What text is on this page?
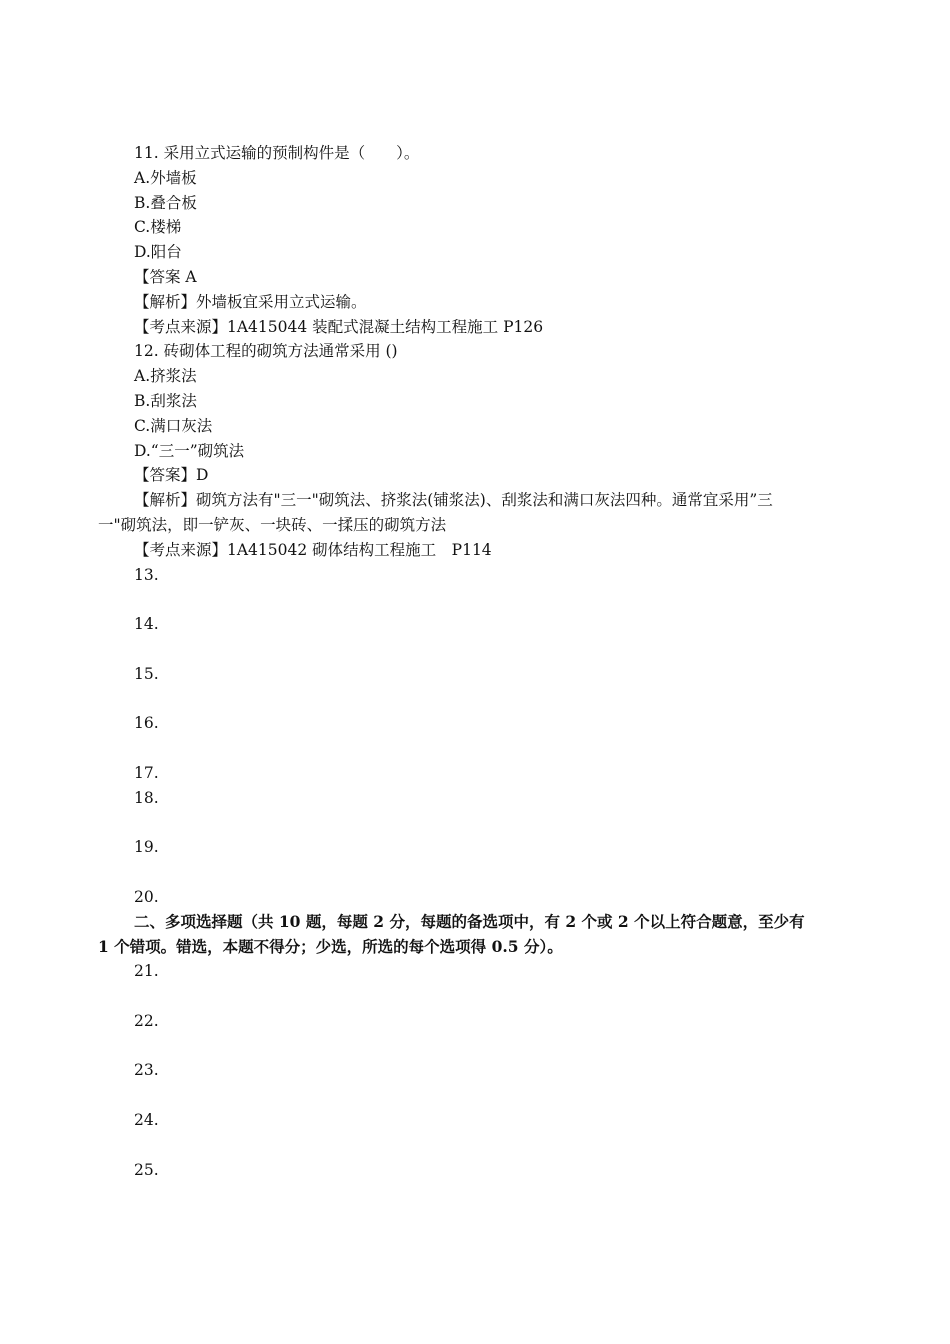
11. 采用立式运输的预制构件是（　　）。
A.外墙板
B.叠合板
C.楼梯
D.阳台
【答案 A
【解析】外墙板宜采用立式运输。
【考点来源】1A415044 装配式混凝土结构工程施工 P126
12. 砖砌体工程的砌筑方法通常采用 ()
A.挤浆法
B.刮浆法
C.满口灰法
D.“三一”砌筑法
【答案】D
【解析】砌筑方法有"三一"砌筑法、挤浆法(铺浆法)、刮浆法和满口灰法四种。通常宜采用”三
一"砌筑法，即一铲灰、一块砖、一揉压的砌筑方法
【考点来源】1A415042 砌体结构工程施工　P114
13.
14.
15.
16.
17.
18.
19.
20.
二、多项选择题（共 10 题，每题 2 分，每题的备选项中，有 2 个或 2 个以上符合题意，至少有
1 个错项。错选，本题不得分；少选，所选的每个选项得 0.5 分）。
21.
22.
23.
24.
25.
